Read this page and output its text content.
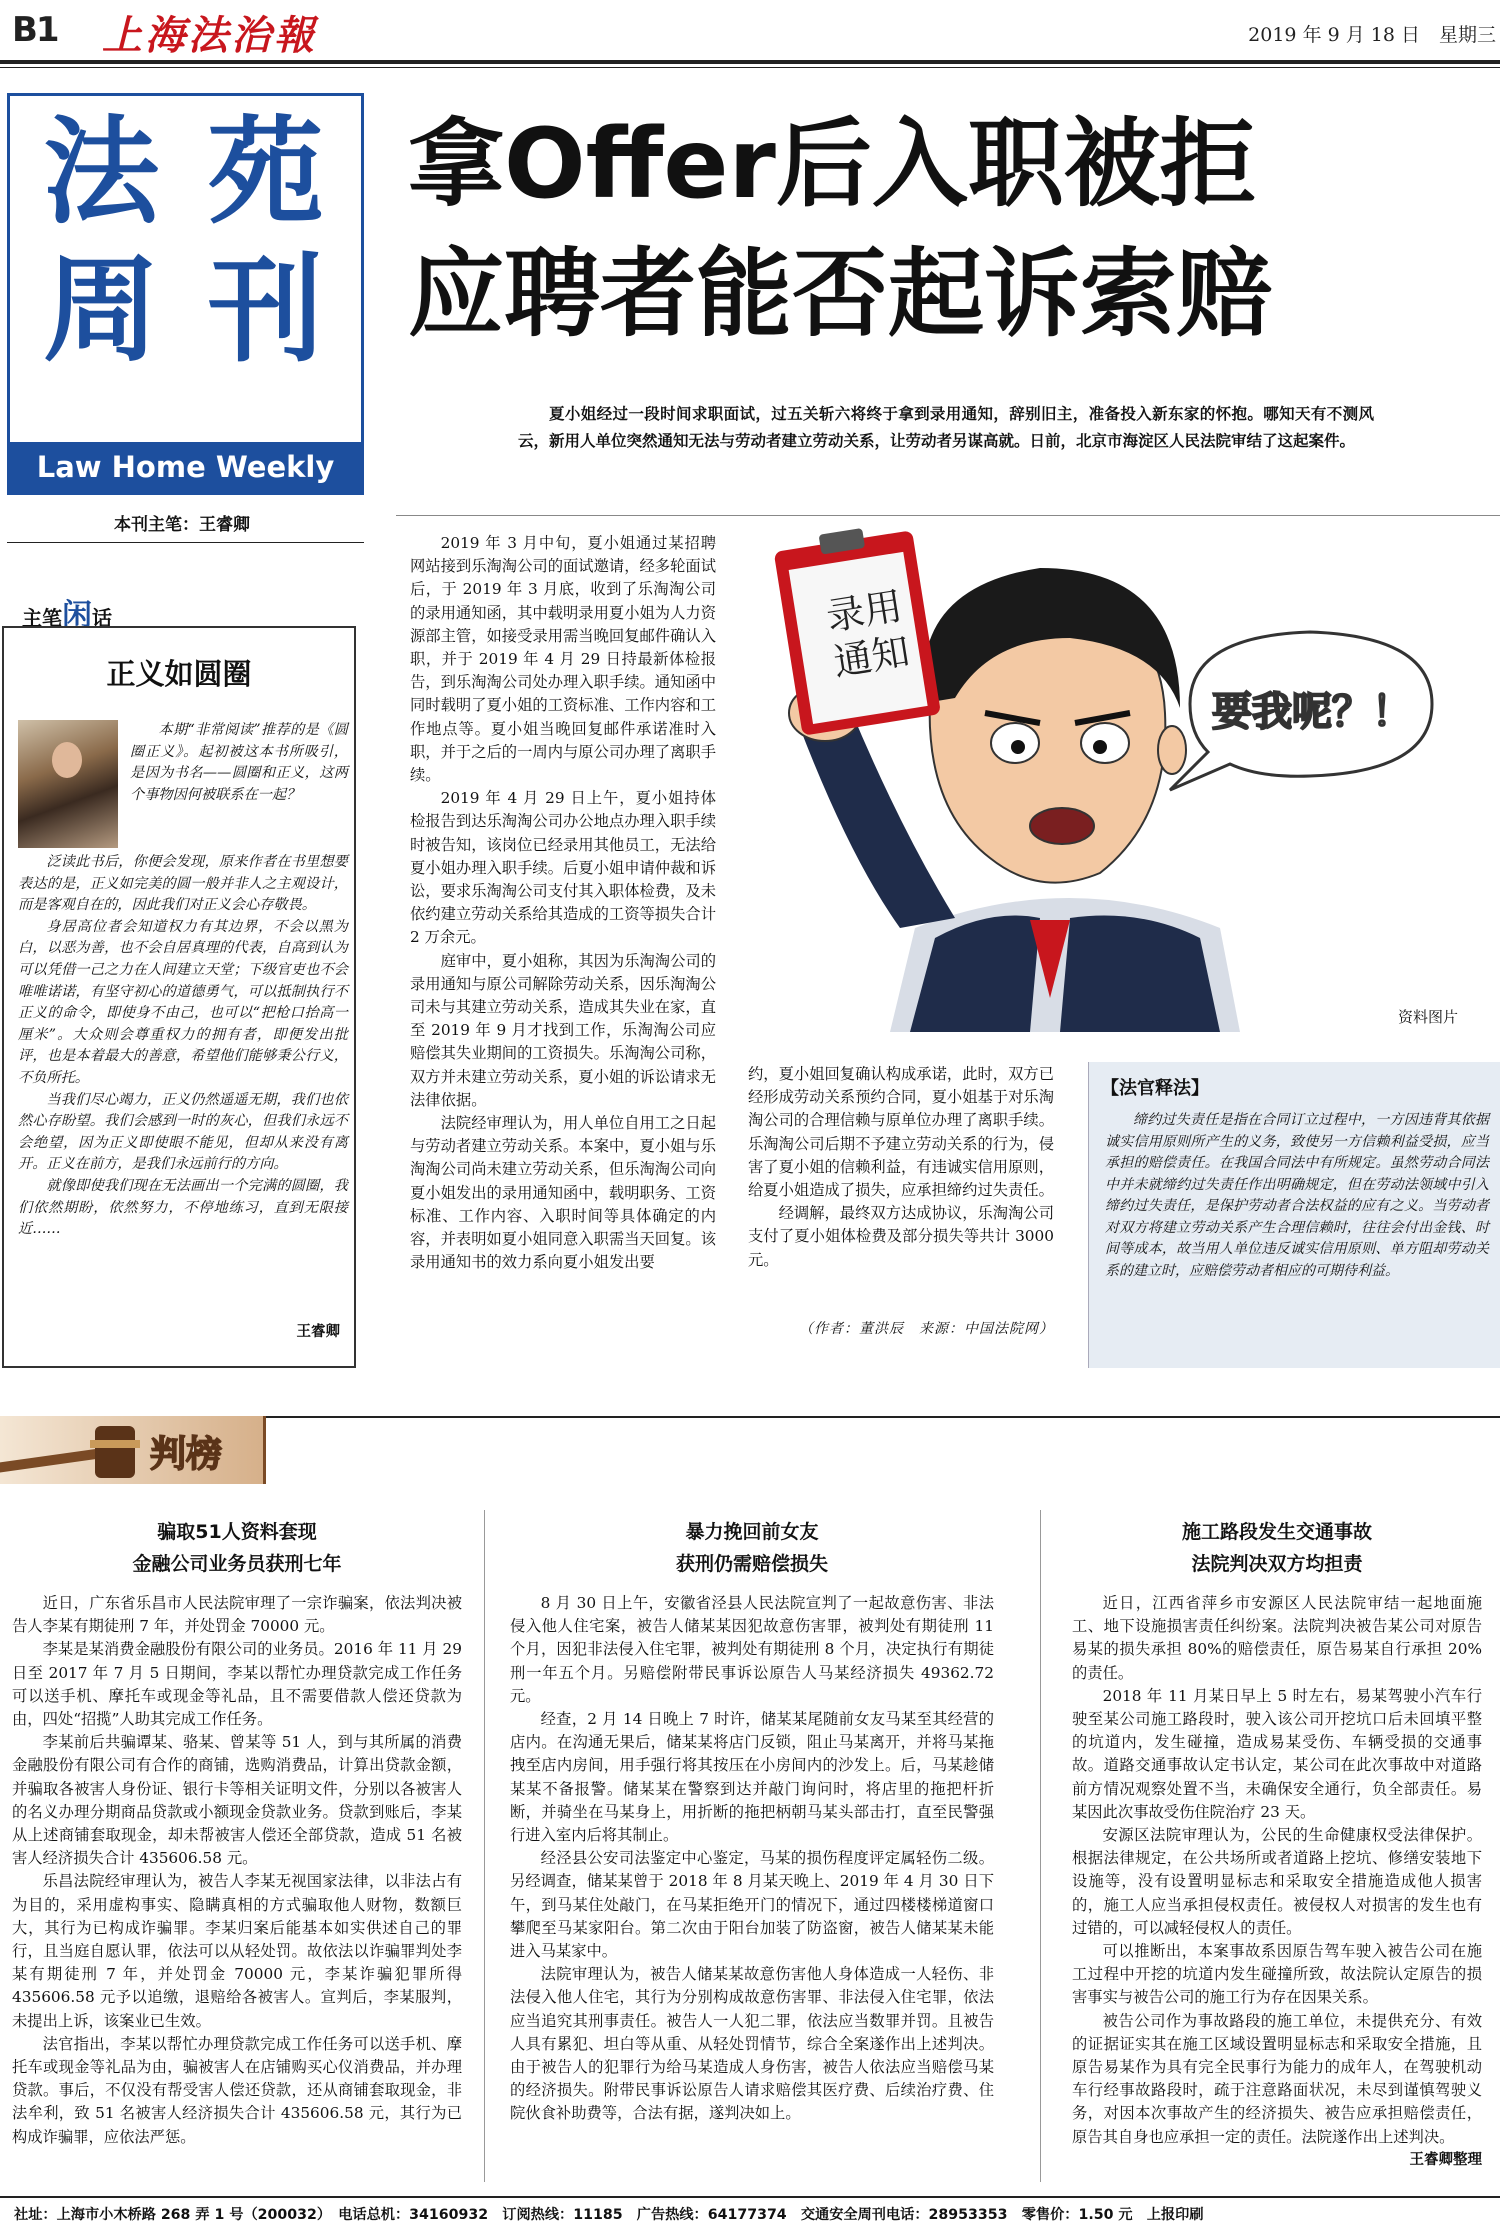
B1 上海法治報	2019 年 9 月 18 日　星期三
法 苑
周 刊
Law Home Weekly
本刊主笔：王睿卿
拿Offer后入职被拒
应聘者能否起诉索赔
夏小姐经过一段时间求职面试，过五关斩六将终于拿到录用通知，辞别旧主，准备投入新东家的怀抱。哪知天有不测风云，新用人单位突然通知无法与劳动者建立劳动关系，让劳动者另谋高就。日前，北京市海淀区人民法院审结了这起案件。
主笔闲话
正义如圆圈
本期“非常阅读”推荐的是《圆圈正义》。起初被这本书所吸引，是因为书名——圆圈和正义，这两个事物因何被联系在一起？

泛读此书后，你便会发现，原来作者在书里想要表达的是，正义如完美的圆一般并非人之主观设计，而是客观自在的，因此我们对正义会心存敬畏。

身居高位者会知道权力有其边界，不会以黑为白，以恶为善，也不会自居真理的代表，自高到认为可以凭借一己之力在人间建立天堂；下级官吏也不会唯唯诺诺，有坚守初心的道德勇气，可以抵制执行不正义的命令，即使身不由己，也可以“把枪口抬高一厘米”。大众则会尊重权力的拥有者，即便发出批评，也是本着最大的善意，希望他们能够秉公行义，不负所托。

当我们尽心竭力，正义仍然遥遥无期，我们也依然心存盼望。我们会感到一时的灰心，但我们永远不会绝望，因为正义即使眼不能见，但却从来没有离开。正义在前方，是我们永远前行的方向。

就像即使我们现在无法画出一个完满的圆圈，我们依然期盼，依然努力，不停地练习，直到无限接近……

王睿卿

2019 年 3 月中旬，夏小姐通过某招聘网站接到乐淘淘公司的面试邀请，经多轮面试后，于 2019 年 3 月底，收到了乐淘淘公司的录用通知函，其中载明录用夏小姐为人力资源部主管，如接受录用需当晚回复邮件确认入职，并于 2019 年 4 月 29 日持最新体检报告，到乐淘淘公司处办理入职手续。通知函中同时载明了夏小姐的工资标准、工作内容和工作地点等。夏小姐当晚回复邮件承诺准时入职，并于之后的一周内与原公司办理了离职手续。

2019 年 4 月 29 日上午，夏小姐持体检报告到达乐淘淘公司办公地点办理入职手续时被告知，该岗位已经录用其他员工，无法给夏小姐办理入职手续。后夏小姐申请仲裁和诉讼，要求乐淘淘公司支付其入职体检费，及未依约建立劳动关系给其造成的工资等损失合计 2 万余元。

庭审中，夏小姐称，其因为乐淘淘公司的录用通知与原公司解除劳动关系，因乐淘淘公司未与其建立劳动关系，造成其失业在家，直至 2019 年 9 月才找到工作，乐淘淘公司应赔偿其失业期间的工资损失。乐淘淘公司称，双方并未建立劳动关系，夏小姐的诉讼请求无法律依据。

法院经审理认为，用人单位自用工之日起与劳动者建立劳动关系。本案中，夏小姐与乐淘淘公司尚未建立劳动关系，但乐淘淘公司向夏小姐发出的录用通知函中，载明职务、工资标准、工作内容、入职时间等具体确定的内容，并表明如夏小姐同意入职需当天回复。该录用通知书的效力系向夏小姐发出要

约，夏小姐回复确认构成承诺，此时，双方已经形成劳动关系预约合同，夏小姐基于对乐淘淘公司的合理信赖与原单位办理了离职手续。乐淘淘公司后期不予建立劳动关系的行为，侵害了夏小姐的信赖利益，有违诚实信用原则，给夏小姐造成了损失，应承担缔约过失责任。

经调解，最终双方达成协议，乐淘淘公司支付了夏小姐体检费及部分损失等共计 3000 元。

（作者：董洪辰　来源：中国法院网）
录用
通知
要我呢？！
资料图片
【法官释法】
缔约过失责任是指在合同订立过程中，一方因违背其依据诚实信用原则所产生的义务，致使另一方信赖利益受损，应当承担的赔偿责任。在我国合同法中有所规定。虽然劳动合同法中并未就缔约过失责任作出明确规定，但在劳动法领域中引入缔约过失责任，是保护劳动者合法权益的应有之义。当劳动者对双方将建立劳动关系产生合理信赖时，往往会付出金钱、时间等成本，故当用人单位违反诚实信用原则、单方阻却劳动关系的建立时，应赔偿劳动者相应的可期待利益。
判榜
骗取51人资料套现
金融公司业务员获刑七年

近日，广东省乐昌市人民法院审理了一宗诈骗案，依法判决被告人李某有期徒刑 7 年，并处罚金 70000 元。

李某是某消费金融股份有限公司的业务员。2016 年 11 月 29 日至 2017 年 7 月 5 日期间，李某以帮忙办理贷款完成工作任务可以送手机、摩托车或现金等礼品，且不需要借款人偿还贷款为由，四处“招揽”人助其完成工作任务。

李某前后共骗谭某、骆某、曾某等 51 人，到与其所属的消费金融股份有限公司有合作的商铺，选购消费品，计算出贷款金额，并骗取各被害人身份证、银行卡等相关证明文件，分别以各被害人的名义办理分期商品贷款或小额现金贷款业务。贷款到账后，李某从上述商铺套取现金，却未帮被害人偿还全部贷款，造成 51 名被害人经济损失合计 435606.58 元。

乐昌法院经审理认为，被告人李某无视国家法律，以非法占有为目的，采用虚构事实、隐瞒真相的方式骗取他人财物，数额巨大，其行为已构成诈骗罪。李某归案后能基本如实供述自己的罪行，且当庭自愿认罪，依法可以从轻处罚。故依法以诈骗罪判处李某有期徒刑 7 年，并处罚金 70000 元，李某诈骗犯罪所得 435606.58 元予以追缴，退赔给各被害人。宣判后，李某服判，未提出上诉，该案业已生效。

法官指出，李某以帮忙办理贷款完成工作任务可以送手机、摩托车或现金等礼品为由，骗被害人在店铺购买心仪消费品，并办理贷款。事后，不仅没有帮受害人偿还贷款，还从商铺套取现金，非法牟利，致 51 名被害人经济损失合计 435606.58 元，其行为已构成诈骗罪，应依法严惩。

暴力挽回前女友
获刑仍需赔偿损失

8 月 30 日上午，安徽省泾县人民法院宣判了一起故意伤害、非法侵入他人住宅案，被告人储某某因犯故意伤害罪，被判处有期徒刑 11 个月，因犯非法侵入住宅罪，被判处有期徒刑 8 个月，决定执行有期徒刑一年五个月。另赔偿附带民事诉讼原告人马某经济损失 49362.72 元。

经查，2 月 14 日晚上 7 时许，储某某尾随前女友马某至其经营的店内。在沟通无果后，储某某将店门反锁，阻止马某离开，并将马某拖拽至店内房间，用手强行将其按压在小房间内的沙发上。后，马某趁储某某不备报警。储某某在警察到达并敲门询问时，将店里的拖把杆折断，并骑坐在马某身上，用折断的拖把柄朝马某头部击打，直至民警强行进入室内后将其制止。

经泾县公安司法鉴定中心鉴定，马某的损伤程度评定属轻伤二级。另经调查，储某某曾于 2018 年 8 月某天晚上、2019 年 4 月 30 日下午，到马某住处敲门，在马某拒绝开门的情况下，通过四楼楼梯道窗口攀爬至马某家阳台。第二次由于阳台加装了防盗窗，被告人储某某未能进入马某家中。

法院审理认为，被告人储某某故意伤害他人身体造成一人轻伤、非法侵入他人住宅，其行为分别构成故意伤害罪、非法侵入住宅罪，依法应当追究其刑事责任。被告人一人犯二罪，依法应当数罪并罚。且被告人具有累犯、坦白等从重、从轻处罚情节，综合全案遂作出上述判决。由于被告人的犯罪行为给马某造成人身伤害，被告人依法应当赔偿马某的经济损失。附带民事诉讼原告人请求赔偿其医疗费、后续治疗费、住院伙食补助费等，合法有据，遂判决如上。

施工路段发生交通事故
法院判决双方均担责

近日，江西省萍乡市安源区人民法院审结一起地面施工、地下设施损害责任纠纷案。法院判决被告某公司对原告易某的损失承担 80%的赔偿责任，原告易某自行承担 20%的责任。

2018 年 11 月某日早上 5 时左右，易某驾驶小汽车行驶至某公司施工路段时，驶入该公司开挖坑口后未回填平整的坑道内，发生碰撞，造成易某受伤、车辆受损的交通事故。道路交通事故认定书认定，某公司在此次事故中对道路前方情况观察处置不当，未确保安全通行，负全部责任。易某因此次事故受伤住院治疗 23 天。

安源区法院审理认为，公民的生命健康权受法律保护。根据法律规定，在公共场所或者道路上挖坑、修缮安装地下设施等，没有设置明显标志和采取安全措施造成他人损害的，施工人应当承担侵权责任。被侵权人对损害的发生也有过错的，可以减轻侵权人的责任。

可以推断出，本案事故系因原告驾车驶入被告公司在施工过程中开挖的坑道内发生碰撞所致，故法院认定原告的损害事实与被告公司的施工行为存在因果关系。

被告公司作为事故路段的施工单位，未提供充分、有效的证据证实其在施工区域设置明显标志和采取安全措施，且原告易某作为具有完全民事行为能力的成年人，在驾驶机动车行经事故路段时，疏于注意路面状况，未尽到谨慎驾驶义务，对因本次事故产生的经济损失、被告应承担赔偿责任，原告其自身也应承担一定的责任。法院遂作出上述判决。

王睿卿整理
社址：上海市小木桥路 268 弄 1 号（200032）　电话总机：34160932　订阅热线：11185　广告热线：64177374　交通安全周刊电话：28953353　零售价：1.50 元　上报印刷
